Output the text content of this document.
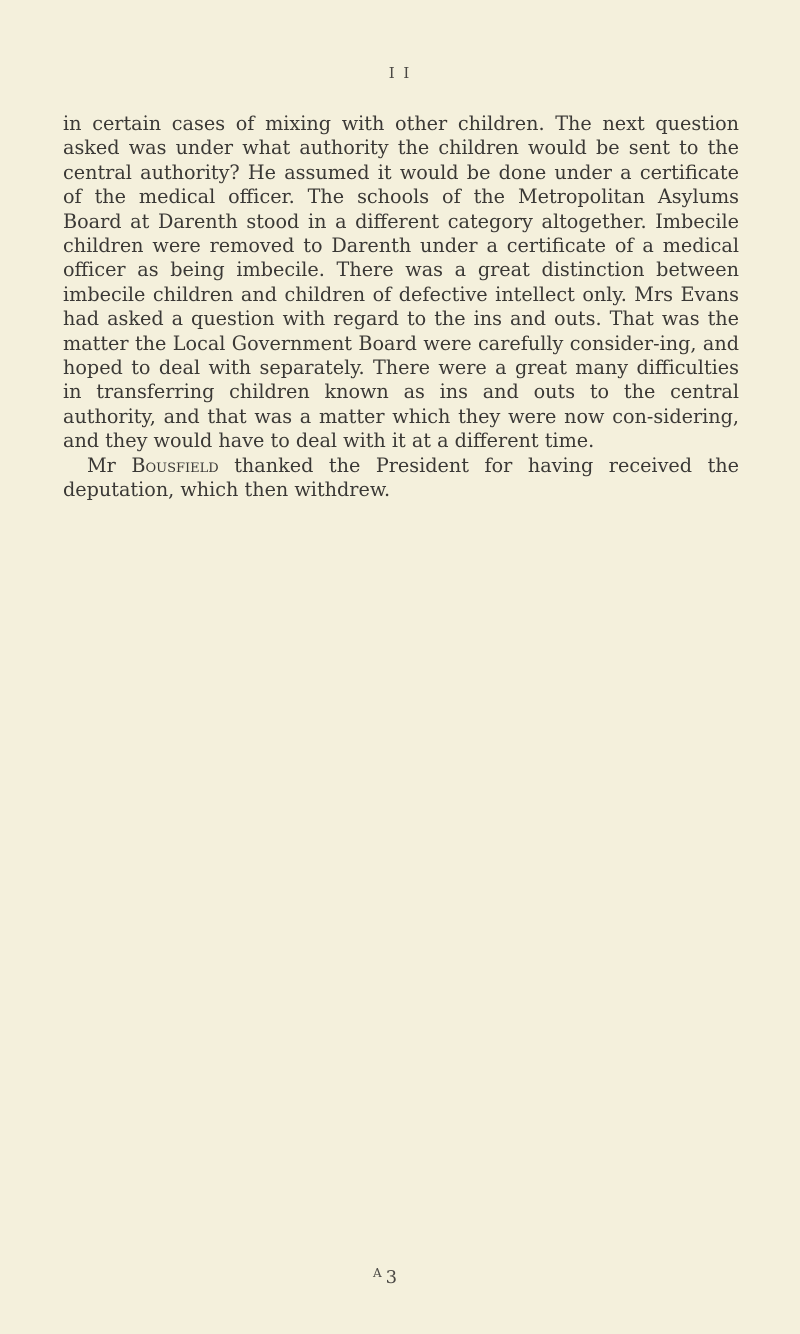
I I

in certain cases of mixing with other children. The next question asked was under what authority the children would be sent to the central authority? He assumed it would be done under a certificate of the medical officer. The schools of the Metropolitan Asylums Board at Darenth stood in a different category altogether. Imbecile children were removed to Darenth under a certificate of a medical officer as being imbecile. There was a great distinction between imbecile children and children of defective intellect only. Mrs Evans had asked a question with regard to the ins and outs. That was the matter the Local Government Board were carefully consider-ing, and hoped to deal with separately. There were a great many difficulties in transferring children known as ins and outs to the central authority, and that was a matter which they were now con-sidering, and they would have to deal with it at a different time.

Mr Bousfield thanked the President for having received the deputation, which then withdrew.

$^A$ 3
